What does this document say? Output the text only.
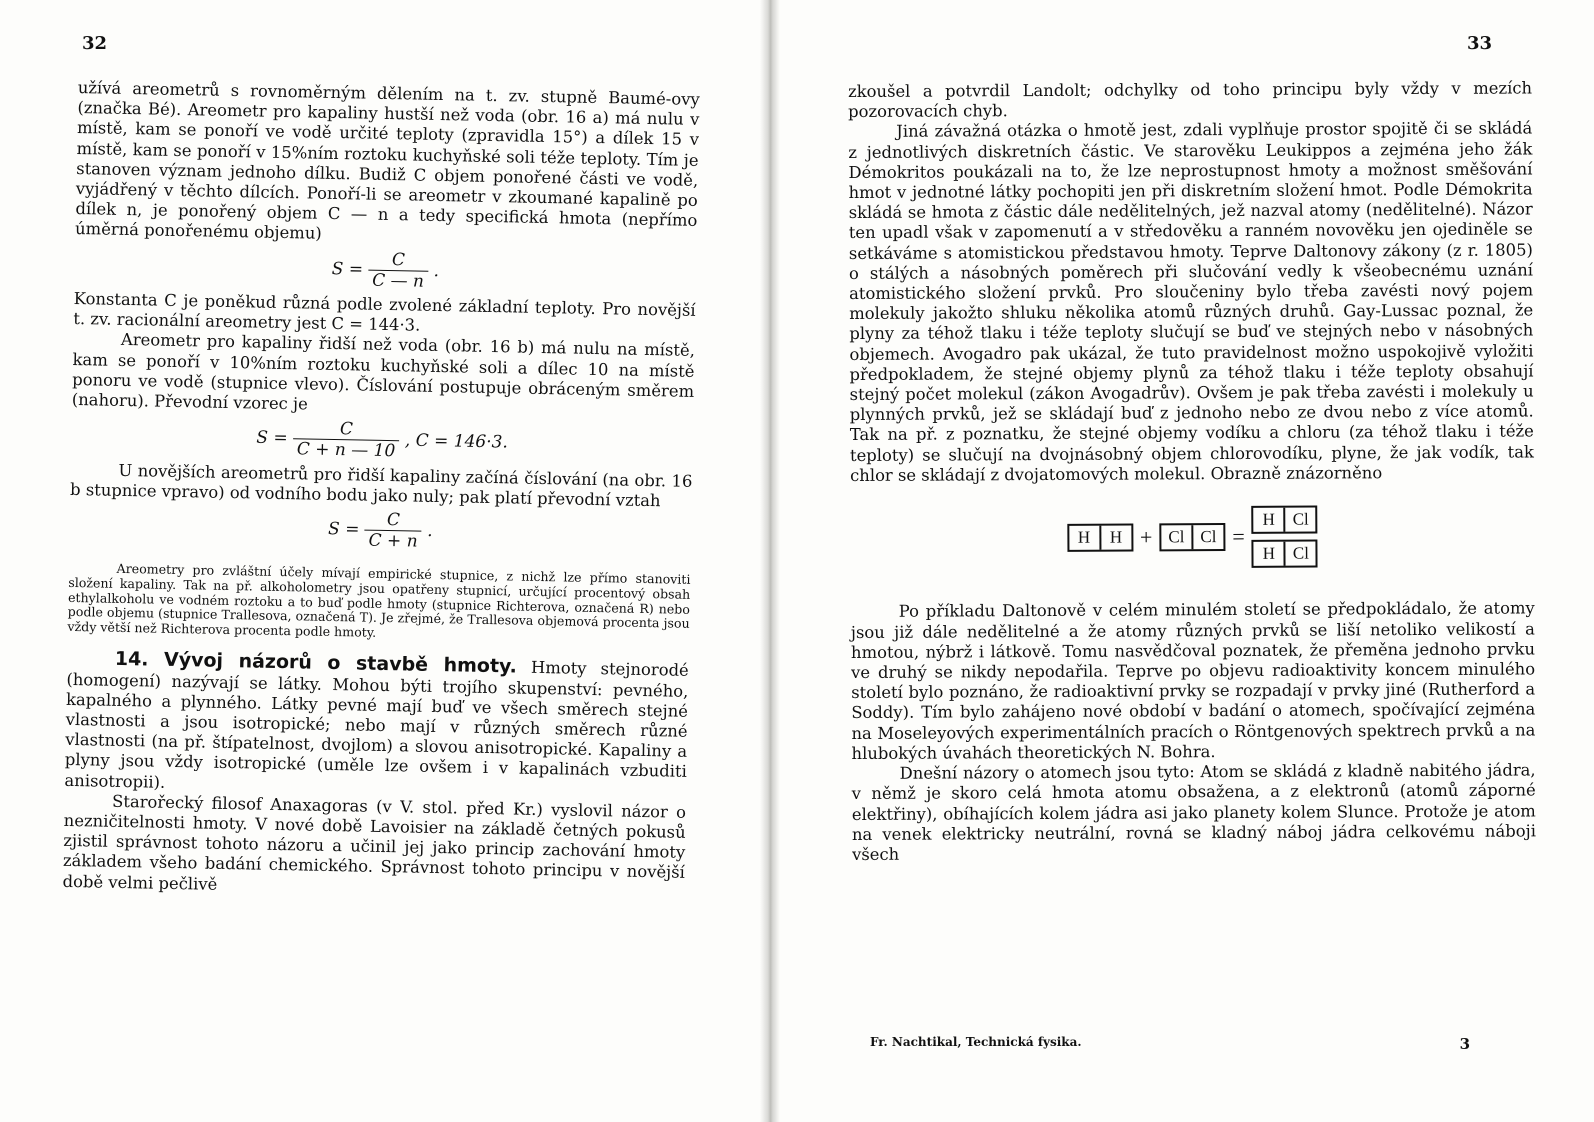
32

užívá areometrů s rovnoměrným dělením na t. zv. stupně Baumé-ovy (značka Bé). Areometr pro kapaliny hustší než voda (obr. 16 a) má nulu v místě, kam se ponoří ve vodě určité teploty (zpravidla 15°) a dílek 15 v místě, kam se ponoří v 15%ním roztoku kuchyňské soli téže teploty. Tím je stanoven význam jednoho dílku. Budiž C objem ponořené části ve vodě, vyjádřený v těchto dílcích. Ponoří-li se areometr v zkoumané kapalině po dílek n, je ponořený objem C — n a tedy specifická hmota (nepřímo úměrná ponořenému objemu)

$S = \frac{C}{C — n}$ .

Konstanta C je poněkud různá podle zvolené základní teploty. Pro novější t. zv. racionální areometry jest C = 144·3.

Areometr pro kapaliny řidší než voda (obr. 16 b) má nulu na místě, kam se ponoří v 10%ním roztoku kuchyňské soli a dílec 10 na místě ponoru ve vodě (stupnice vlevo). Číslování postupuje obráceným směrem (nahoru). Převodní vzorec je

$S = \frac{C}{C + n — 10}$ , C = 146·3.

U novějších areometrů pro řidší kapaliny začíná číslování (na obr. 16 b stupnice vpravo) od vodního bodu jako nuly; pak platí převodní vztah

$S = \frac{C}{C + n}$ .

Areometry pro zvláštní účely mívají empirické stupnice, z nichž lze přímo stanoviti složení kapaliny. Tak na př. alkoholometry jsou opatřeny stupnicí, určující procentový obsah ethylalkoholu ve vodném roztoku a to buď podle hmoty (stupnice Richterova, označená R) nebo podle objemu (stupnice Trallesova, označená T). Je zřejmé, že Trallesova objemová procenta jsou vždy větší než Richterova procenta podle hmoty.

14. Vývoj názorů o stavbě hmoty. Hmoty stejnorodé (homogení) nazývají se látky. Mohou býti trojího skupenství: pevného, kapalného a plynného. Látky pevné mají buď ve všech směrech stejné vlastnosti a jsou isotropické; nebo mají v různých směrech různé vlastnosti (na př. štípatelnost, dvojlom) a slovou anisotropické. Kapaliny a plyny jsou vždy isotropické (uměle lze ovšem i v kapalinách vzbuditi anisotropii).

Starořecký filosof Anaxagoras (v V. stol. před Kr.) vyslovil názor o nezničitelnosti hmoty. V nové době Lavoisier na základě četných pokusů zjistil správnost tohoto názoru a učinil jej jako princip zachování hmoty základem všeho badání chemického. Správnost tohoto principu v novější době velmi pečlivě

33

zkoušel a potvrdil Landolt; odchylky od toho principu byly vždy v mezích pozorovacích chyb.

Jiná závažná otázka o hmotě jest, zdali vyplňuje prostor spojitě či se skládá z jednotlivých diskretních částic. Ve starověku Leukippos a zejména jeho žák Démokritos poukázali na to, že lze neprostupnost hmoty a možnost směšování hmot v jednotné látky pochopiti jen při diskretním složení hmot. Podle Démokrita skládá se hmota z částic dále nedělitelných, jež nazval atomy (nedělitelné). Názor ten upadl však v zapomenutí a v středověku a ranném novověku jen ojediněle se setkáváme s atomistickou představou hmoty. Teprve Daltonovy zákony (z r. 1805) o stálých a násobných poměrech při slučování vedly k všeobecnému uznání atomistického složení prvků. Pro sloučeniny bylo třeba zavésti nový pojem molekuly jakožto shluku několika atomů různých druhů. Gay-Lussac poznal, že plyny za téhož tlaku i téže teploty slučují se buď ve stejných nebo v násobných objemech. Avogadro pak ukázal, že tuto pravidelnost možno uspokojivě vyložiti předpokladem, že stejné objemy plynů za téhož tlaku i téže teploty obsahují stejný počet molekul (zákon Avogadrův). Ovšem je pak třeba zavésti i molekuly u plynných prvků, jež se skládají buď z jednoho nebo ze dvou nebo z více atomů. Tak na př. z poznatku, že stejné objemy vodíku a chloru (za téhož tlaku i téže teploty) se slučují na dvojnásobný objem chlorovodíku, plyne, že jak vodík, tak chlor se skládají z dvojatomových molekul. Obrazně znázorněno

H	H + Cl Cl = H	Cl
H	Cl

Po příkladu Daltonově v celém minulém století se předpokládalo, že atomy jsou již dále nedělitelné a že atomy různých prvků se liší netoliko velikostí a hmotou, nýbrž i látkově. Tomu nasvědčoval poznatek, že přeměna jednoho prvku ve druhý se nikdy nepodařila. Teprve po objevu radioaktivity koncem minulého století bylo poznáno, že radioaktivní prvky se rozpadají v prvky jiné (Rutherford a Soddy). Tím bylo zahájeno nové období v badání o atomech, spočívající zejména na Moseleyových experimentálních pracích o Röntgenových spektrech prvků a na hlubokých úvahách theoretických N. Bohra.

Dnešní názory o atomech jsou tyto: Atom se skládá z kladně nabitého jádra, v němž je skoro celá hmota atomu obsažena, a z elektronů (atomů záporné elektřiny), obíhajících kolem jádra asi jako planety kolem Slunce. Protože je atom na venek elektricky neutrální, rovná se kladný náboj jádra celkovému náboji všech

Fr. Nachtikal, Technická fysika.	3
